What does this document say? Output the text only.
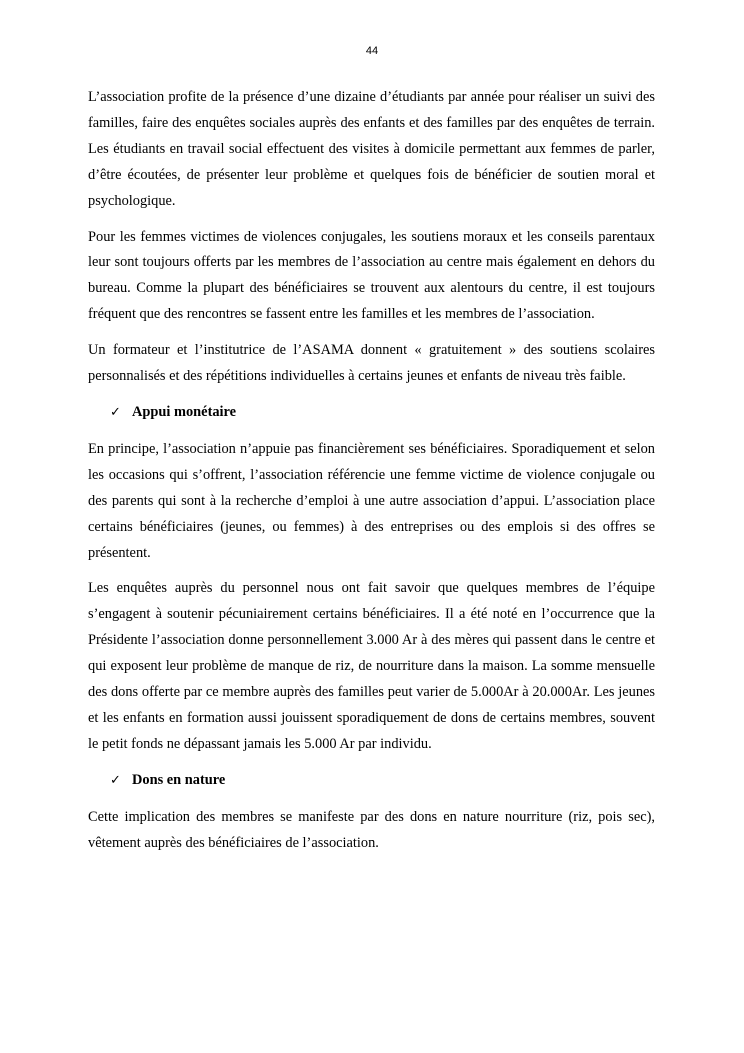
44

L’association profite de la présence d’une dizaine d’étudiants par année pour réaliser un suivi des familles, faire des enquêtes sociales auprès des enfants et des familles par des enquêtes de terrain. Les étudiants en travail social effectuent des visites à domicile permettant aux femmes de parler, d’être écoutées, de présenter leur problème et quelques fois de bénéficier de soutien moral et psychologique.

Pour les femmes victimes de violences conjugales, les soutiens moraux et les conseils parentaux leur sont toujours offerts par les membres de l’association au centre mais également en dehors du bureau. Comme la plupart des bénéficiaires se trouvent aux alentours du centre, il est toujours fréquent que des rencontres se fassent entre les familles et les membres de l’association.

Un formateur et l’institutrice de l’ASAMA donnent « gratuitement » des soutiens scolaires personnalisés et des répétitions individuelles à certains jeunes et enfants de niveau très faible.

✓ Appui monétaire

En principe, l’association n’appuie pas financièrement ses bénéficiaires. Sporadiquement et selon les occasions qui s’offrent, l’association référencie une femme victime de violence conjugale ou des parents qui sont à la recherche d’emploi à une autre association d’appui. L’association place certains bénéficiaires (jeunes, ou femmes) à des entreprises ou des emplois si des offres se présentent.

Les enquêtes auprès du personnel nous ont fait savoir que quelques membres de l’équipe s’engagent à soutenir pécuniairement certains bénéficiaires. Il a été noté en l’occurrence que la Présidente l’association donne personnellement 3.000 Ar à des mères qui passent dans le centre et qui exposent leur problème de manque de riz, de nourriture dans la maison. La somme mensuelle des dons offerte par ce membre auprès des familles peut varier de 5.000Ar à 20.000Ar. Les jeunes et les enfants en formation aussi jouissent sporadiquement de dons de certains membres, souvent le petit fonds ne dépassant jamais les 5.000 Ar par individu.

✓ Dons en nature

Cette implication des membres se manifeste par des dons en nature nourriture (riz, pois sec), vêtement auprès des bénéficiaires de l’association.
